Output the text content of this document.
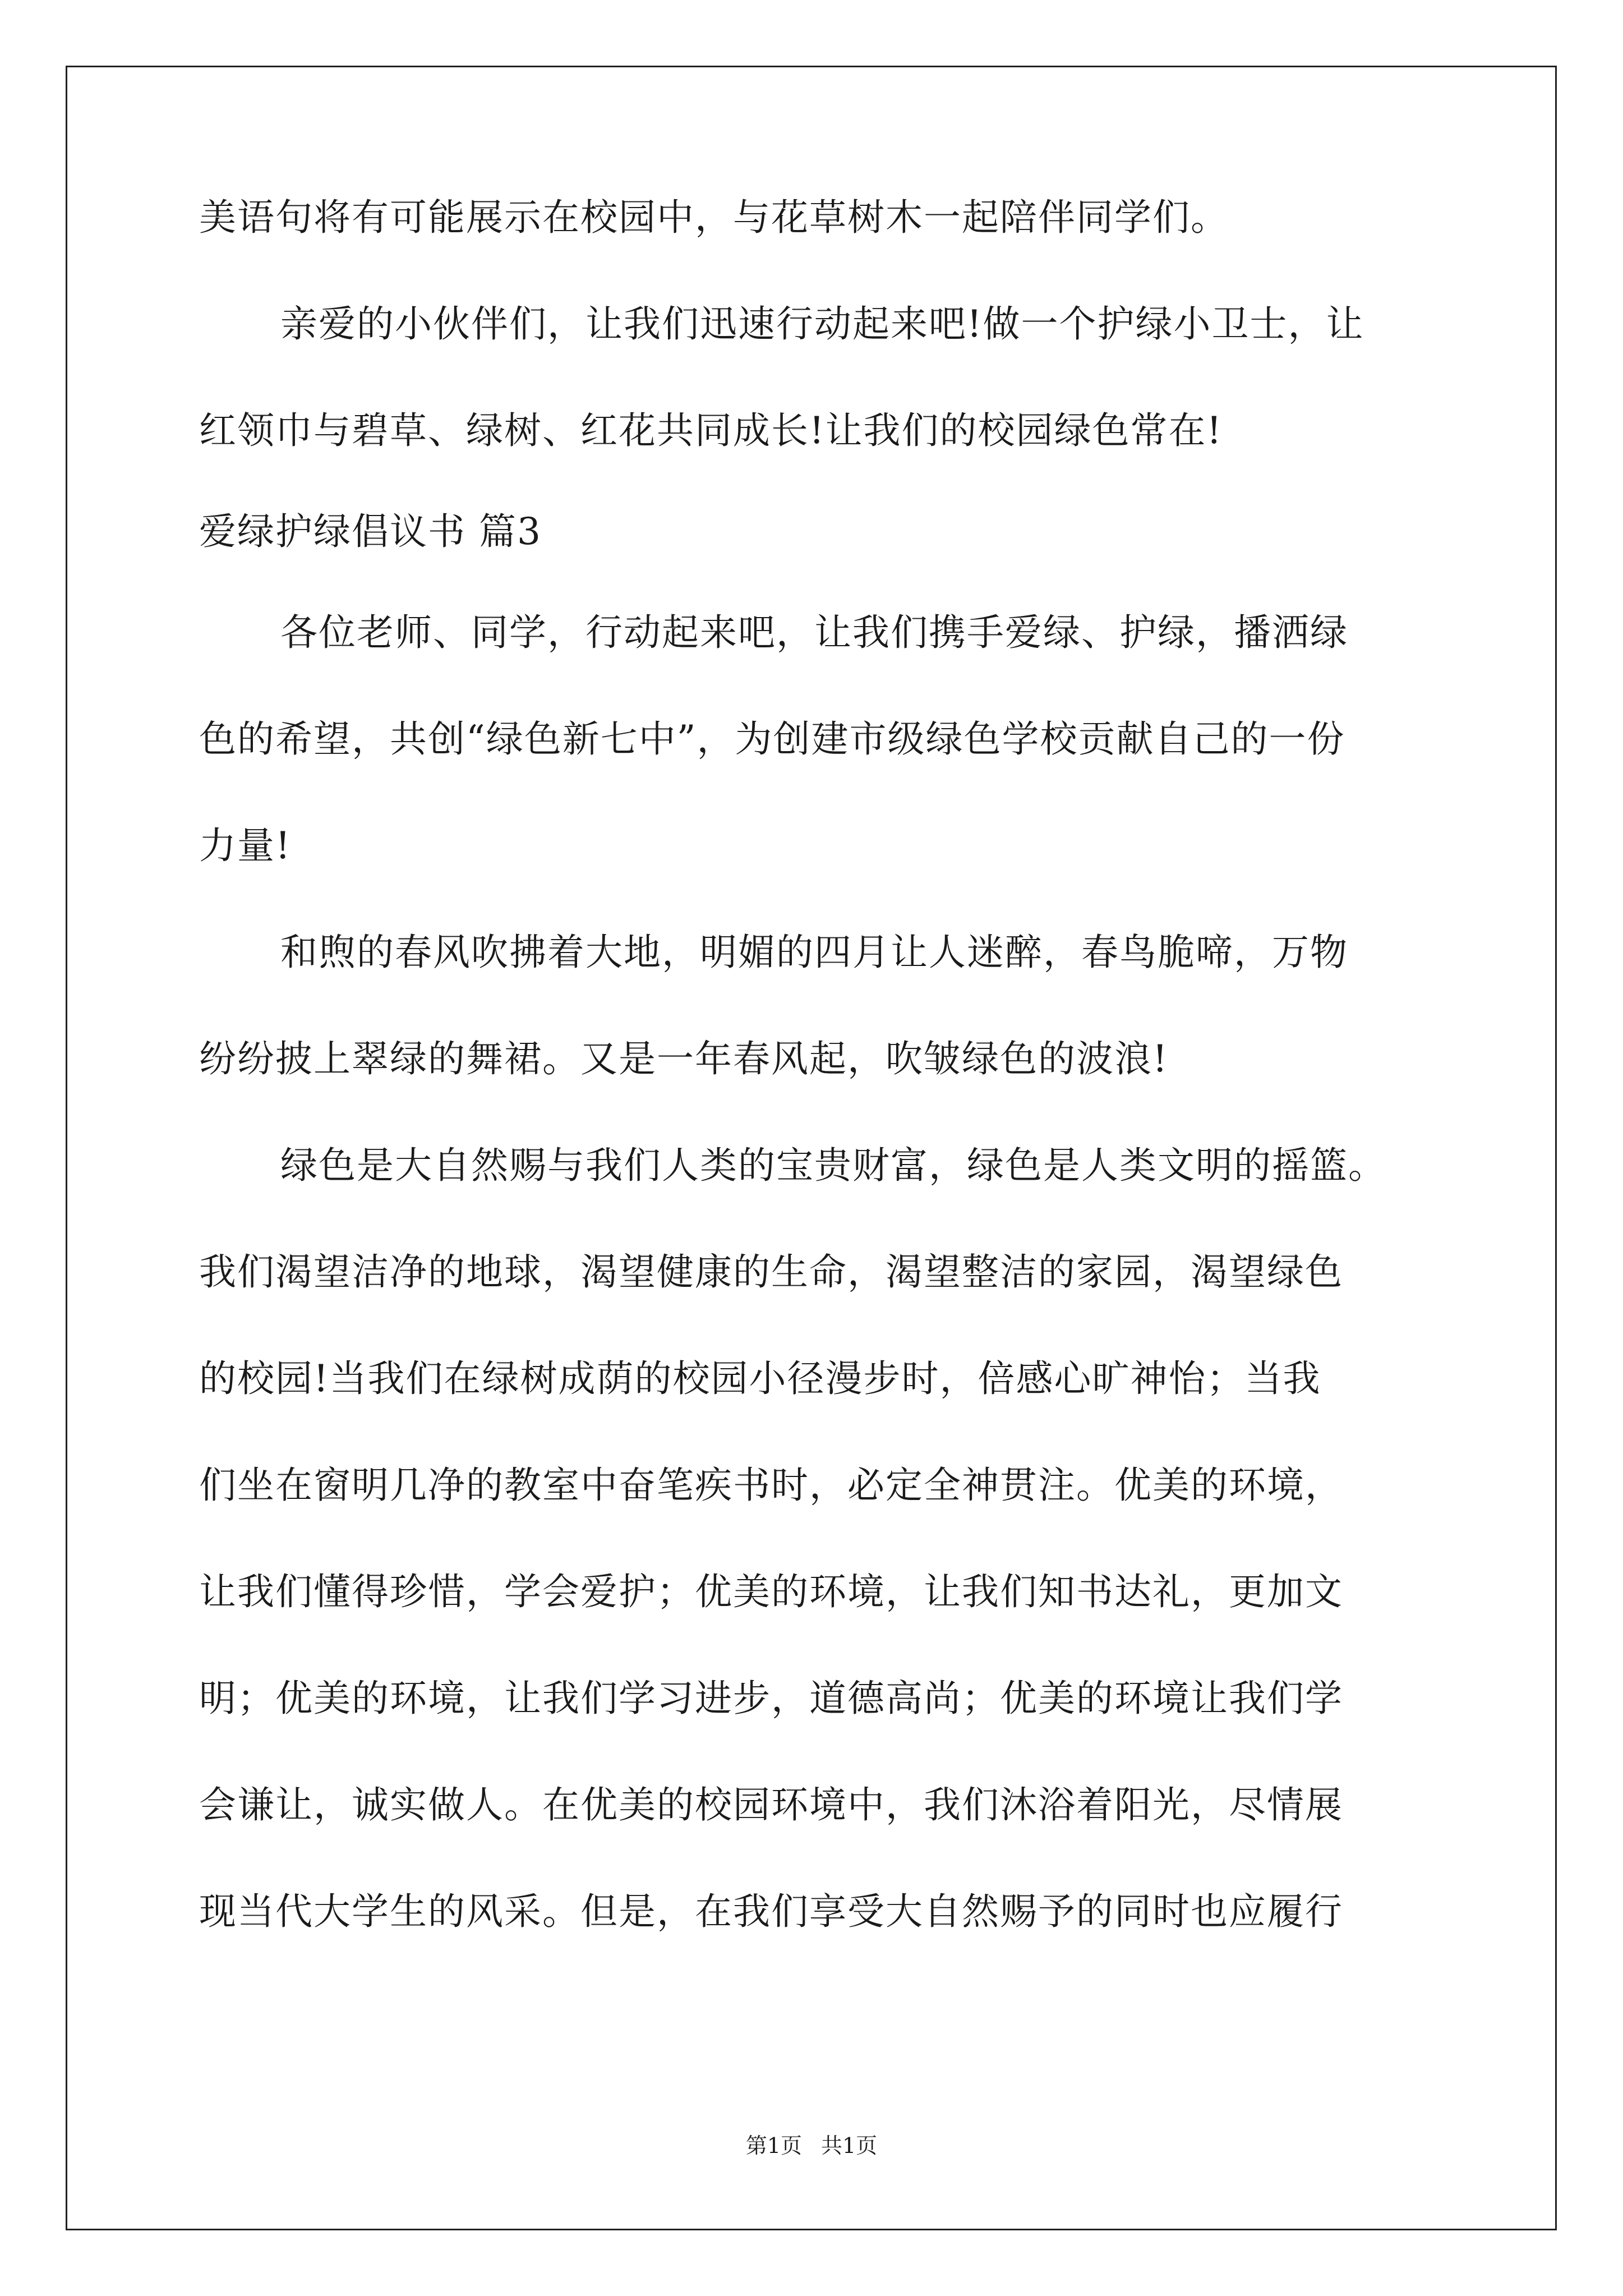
美语句将有可能展示在校园中，与花草树木一起陪伴同学们。
亲爱的小伙伴们，让我们迅速行动起来吧!做一个护绿小卫士，让
红领巾与碧草、绿树、红花共同成长!让我们的校园绿色常在!
爱绿护绿倡议书 篇3
各位老师、同学，行动起来吧，让我们携手爱绿、护绿，播洒绿
色的希望，共创“绿色新七中”，为创建市级绿色学校贡献自己的一份
力量!
和煦的春风吹拂着大地，明媚的四月让人迷醉，春鸟脆啼，万物
纷纷披上翠绿的舞裙。又是一年春风起，吹皱绿色的波浪!
绿色是大自然赐与我们人类的宝贵财富，绿色是人类文明的摇篮。
我们渴望洁净的地球，渴望健康的生命，渴望整洁的家园，渴望绿色
的校园!当我们在绿树成荫的校园小径漫步时，倍感心旷神怡；当我
们坐在窗明几净的教室中奋笔疾书时，必定全神贯注。优美的环境，
让我们懂得珍惜，学会爱护；优美的环境，让我们知书达礼，更加文
明；优美的环境，让我们学习进步，道德高尚；优美的环境让我们学
会谦让，诚实做人。在优美的校园环境中，我们沐浴着阳光，尽情展
现当代大学生的风采。但是，在我们享受大自然赐予的同时也应履行
第1页 共1页
